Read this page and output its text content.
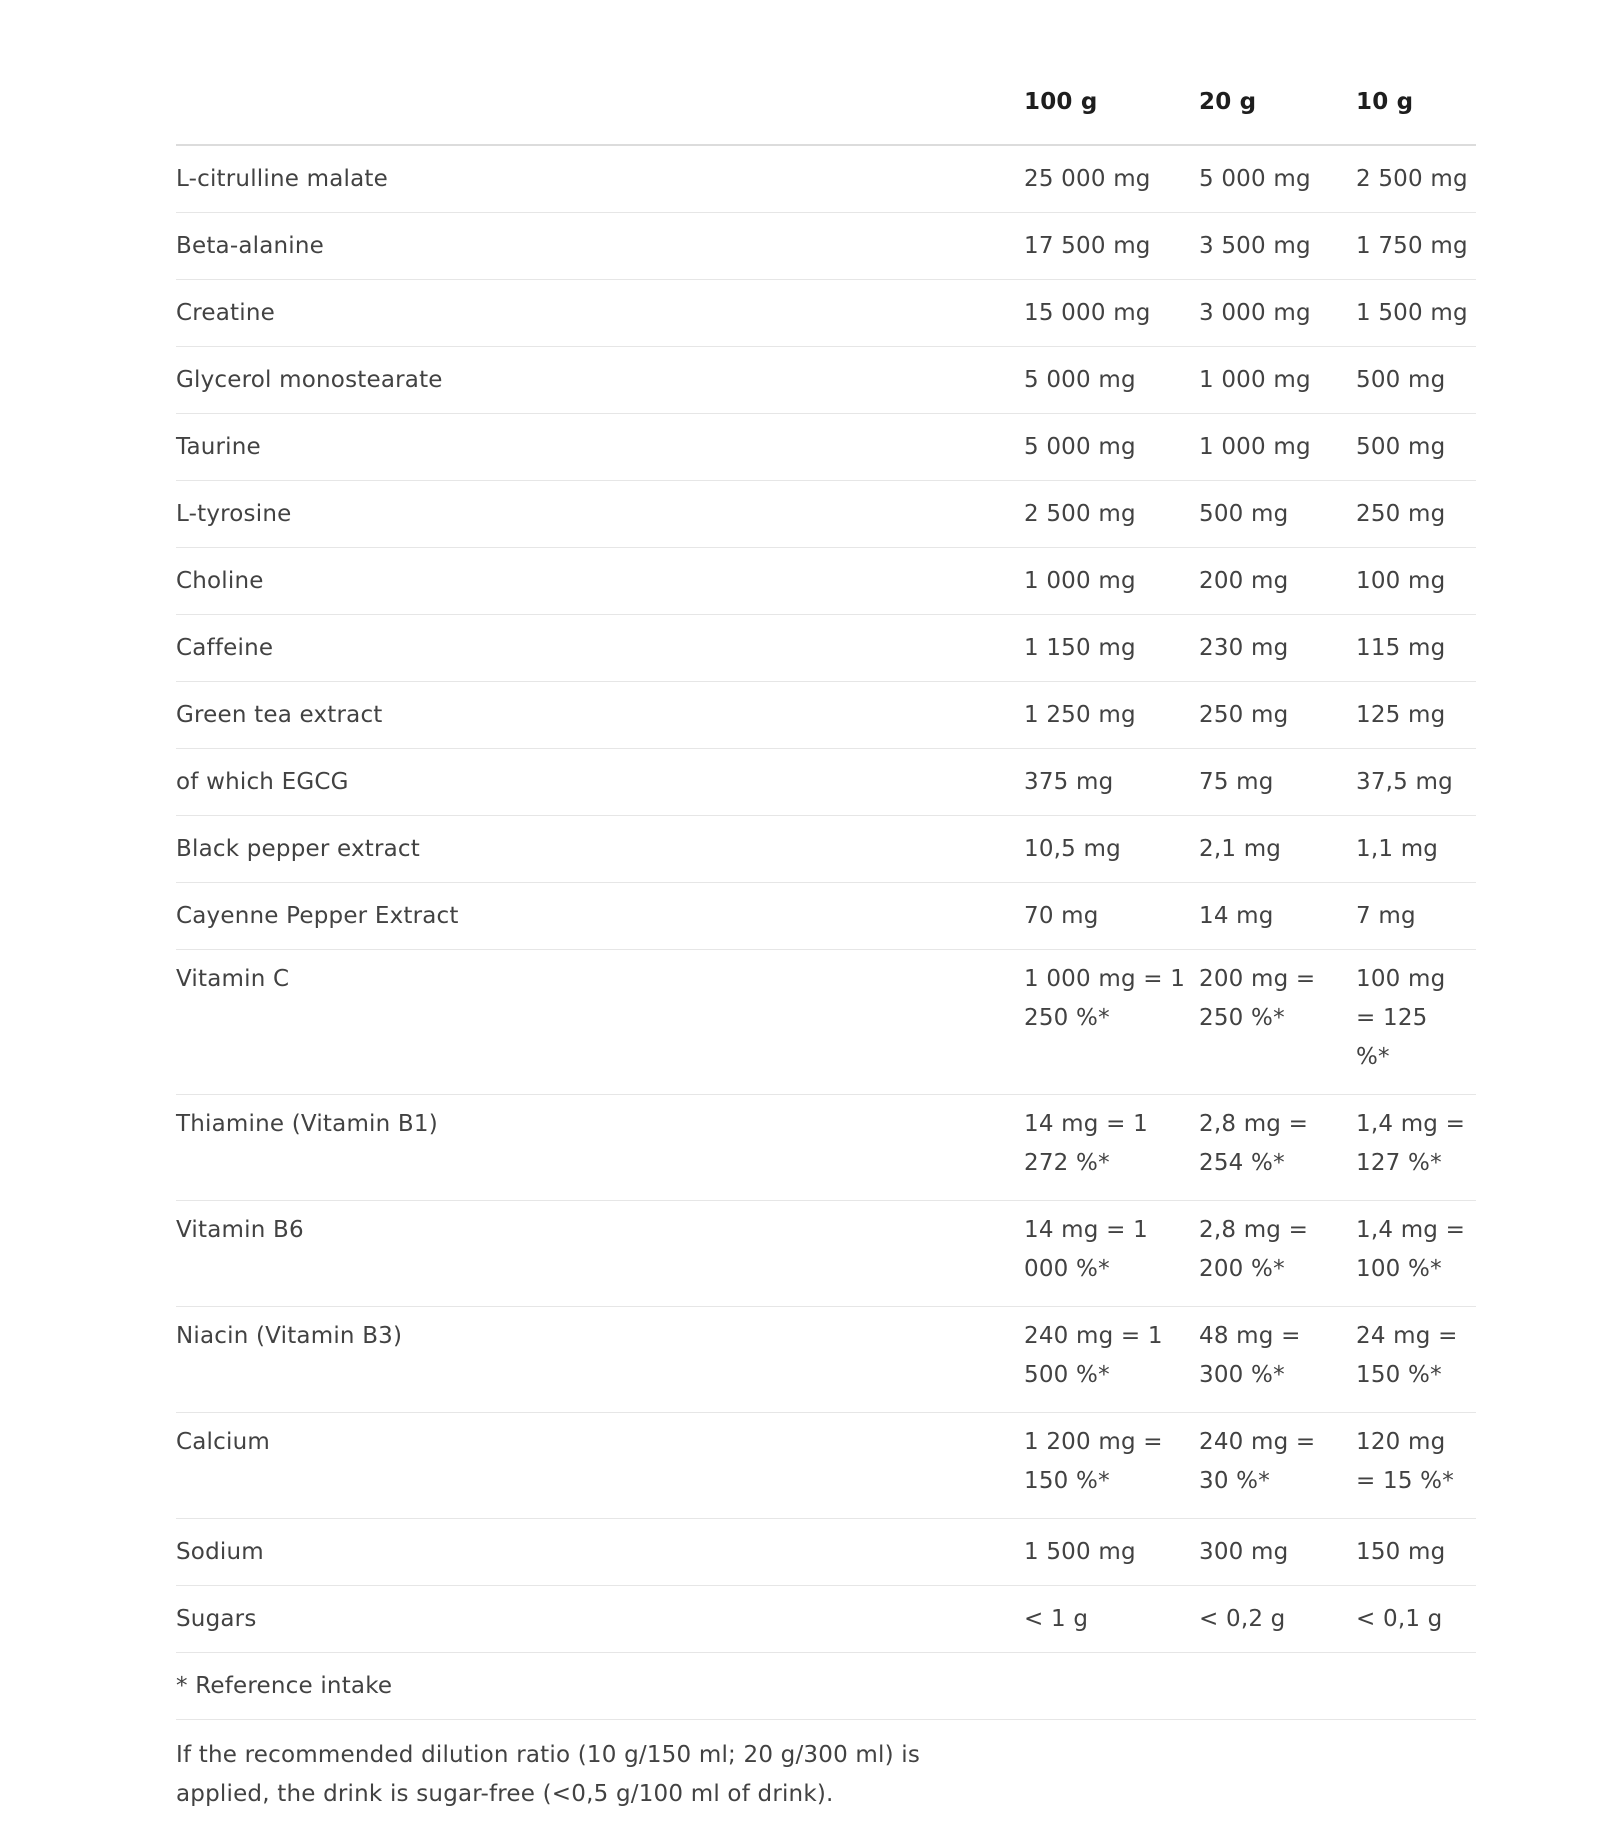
	100 g	20 g	10 g
L-citrulline malate	25 000 mg	5 000 mg	2 500 mg
Beta-alanine	17 500 mg	3 500 mg	1 750 mg
Creatine	15 000 mg	3 000 mg	1 500 mg
Glycerol monostearate	5 000 mg	1 000 mg	500 mg
Taurine	5 000 mg	1 000 mg	500 mg
L-tyrosine	2 500 mg	500 mg	250 mg
Choline	1 000 mg	200 mg	100 mg
Caffeine	1 150 mg	230 mg	115 mg
Green tea extract	1 250 mg	250 mg	125 mg
of which EGCG	375 mg	75 mg	37,5 mg
Black pepper extract	10,5 mg	2,1 mg	1,1 mg
Cayenne Pepper Extract	70 mg	14 mg	7 mg
Vitamin C	1 000 mg = 1 250 %*	200 mg = 250 %*	100 mg = 125 %*
Thiamine (Vitamin B1)	14 mg = 1 272 %*	2,8 mg = 254 %*	1,4 mg = 127 %*
Vitamin B6	14 mg = 1 000 %*	2,8 mg = 200 %*	1,4 mg = 100 %*
Niacin (Vitamin B3)	240 mg = 1 500 %*	48 mg = 300 %*	24 mg = 150 %*
Calcium	1 200 mg = 150 %*	240 mg = 30 %*	120 mg = 15 %*
Sodium	1 500 mg	300 mg	150 mg
Sugars	< 1 g	< 0,2 g	< 0,1 g
* Reference intake			
If the recommended dilution ratio (10 g/150 ml; 20 g/300 ml) is applied, the drink is sugar-free (<0,5 g/100 ml of drink).
